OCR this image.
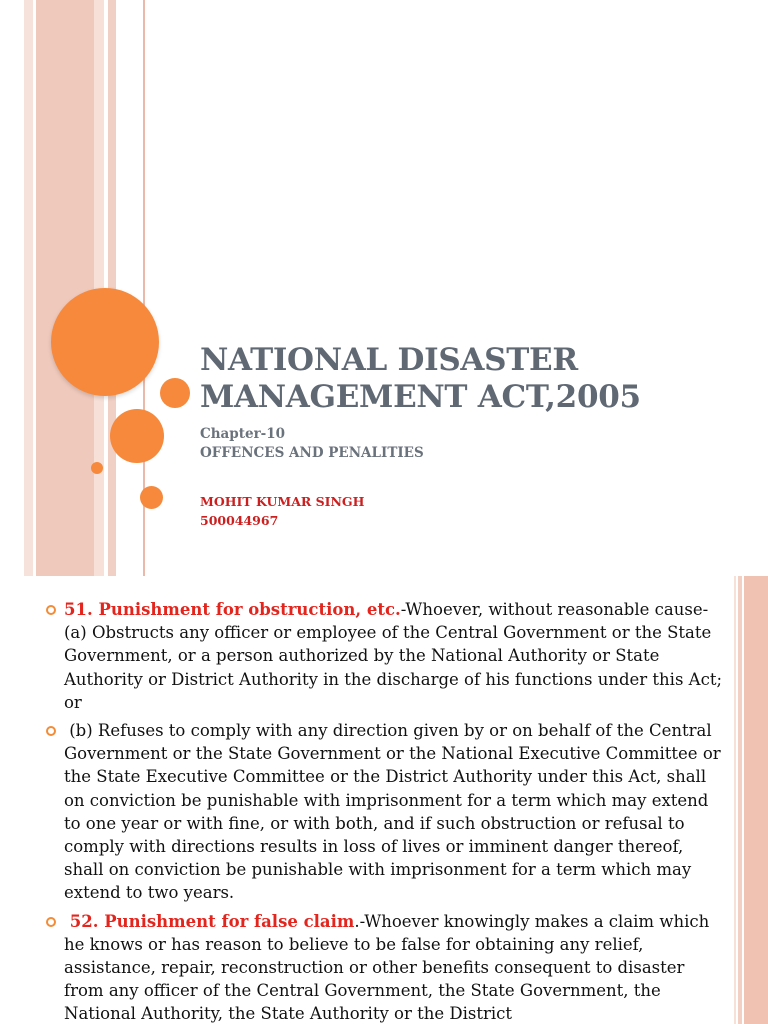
NATIONAL DISASTER
MANAGEMENT ACT,2005
Chapter-10
OFFENCES AND PENALITIES
MOHIT KUMAR SINGH
500044967
51. Punishment for obstruction, etc.-Whoever, without reasonable cause- (a) Obstructs any officer or employee of the Central Government or the State Government, or a person authorized by the National Authority or State Authority or District Authority in the discharge of his functions under this Act; or
(b) Refuses to comply with any direction given by or on behalf of the Central Government or the State Government or the National Executive Committee or the State Executive Committee or the District Authority under this Act, shall on conviction be punishable with imprisonment for a term which may extend to one year or with fine, or with both, and if such obstruction or refusal to comply with directions results in loss of lives or imminent danger thereof, shall on conviction be punishable with imprisonment for a term which may extend to two years.
52. Punishment for false claim.-Whoever knowingly makes a claim which he knows or has reason to believe to be false for obtaining any relief, assistance, repair, reconstruction or other benefits consequent to disaster from any officer of the Central Government, the State Government, the National Authority, the State Authority or the District
